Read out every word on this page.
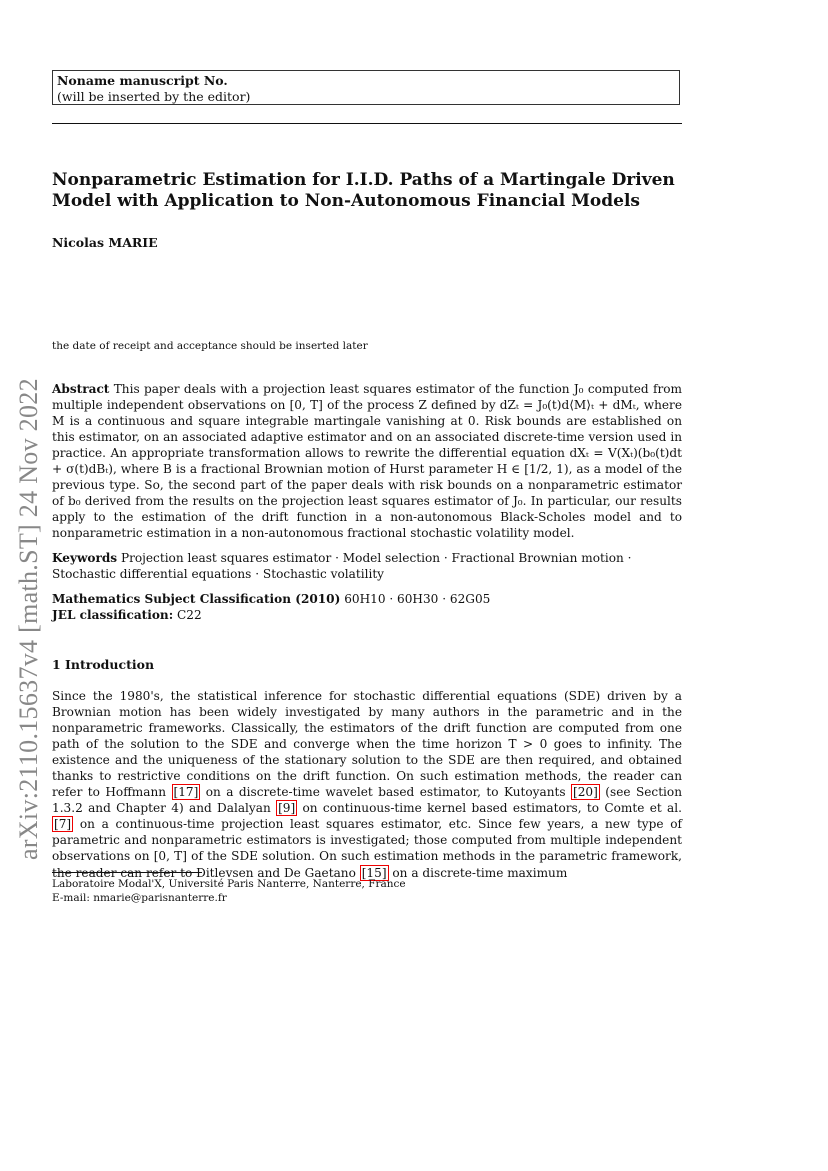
Noname manuscript No.
(will be inserted by the editor)
Nonparametric Estimation for I.I.D. Paths of a Martingale Driven
Model with Application to Non-Autonomous Financial Models
Nicolas MARIE
the date of receipt and acceptance should be inserted later
Abstract This paper deals with a projection least squares estimator of the function J₀ computed from multiple independent observations on [0, T] of the process Z defined by dZₜ = J₀(t)d⟨M⟩ₜ + dMₜ, where M is a continuous and square integrable martingale vanishing at 0. Risk bounds are established on this estimator, on an associated adaptive estimator and on an associated discrete-time version used in practice. An appropriate transformation allows to rewrite the differential equation dXₜ = V(Xₜ)(b₀(t)dt + σ(t)dBₜ), where B is a fractional Brownian motion of Hurst parameter H ∈ [1/2, 1), as a model of the previous type. So, the second part of the paper deals with risk bounds on a nonparametric estimator of b₀ derived from the results on the projection least squares estimator of J₀. In particular, our results apply to the estimation of the drift function in a non-autonomous Black-Scholes model and to nonparametric estimation in a non-autonomous fractional stochastic volatility model.
Keywords Projection least squares estimator · Model selection · Fractional Brownian motion · Stochastic differential equations · Stochastic volatility
Mathematics Subject Classification (2010) 60H10 · 60H30 · 62G05
JEL classification: C22
1 Introduction
Since the 1980's, the statistical inference for stochastic differential equations (SDE) driven by a Brownian motion has been widely investigated by many authors in the parametric and in the nonparametric frameworks. Classically, the estimators of the drift function are computed from one path of the solution to the SDE and converge when the time horizon T > 0 goes to infinity. The existence and the uniqueness of the stationary solution to the SDE are then required, and obtained thanks to restrictive conditions on the drift function. On such estimation methods, the reader can refer to Hoffmann [17] on a discrete-time wavelet based estimator, to Kutoyants [20] (see Section 1.3.2 and Chapter 4) and Dalalyan [9] on continuous-time kernel based estimators, to Comte et al. [7] on a continuous-time projection least squares estimator, etc. Since few years, a new type of parametric and nonparametric estimators is investigated; those computed from multiple independent observations on [0, T] of the SDE solution. On such estimation methods in the parametric framework, the reader can refer to Ditlevsen and De Gaetano [15] on a discrete-time maximum
Laboratoire Modal'X, Université Paris Nanterre, Nanterre, France
E-mail: nmarie@parisnanterre.fr
arXiv:2110.15637v4 [math.ST] 24 Nov 2022
